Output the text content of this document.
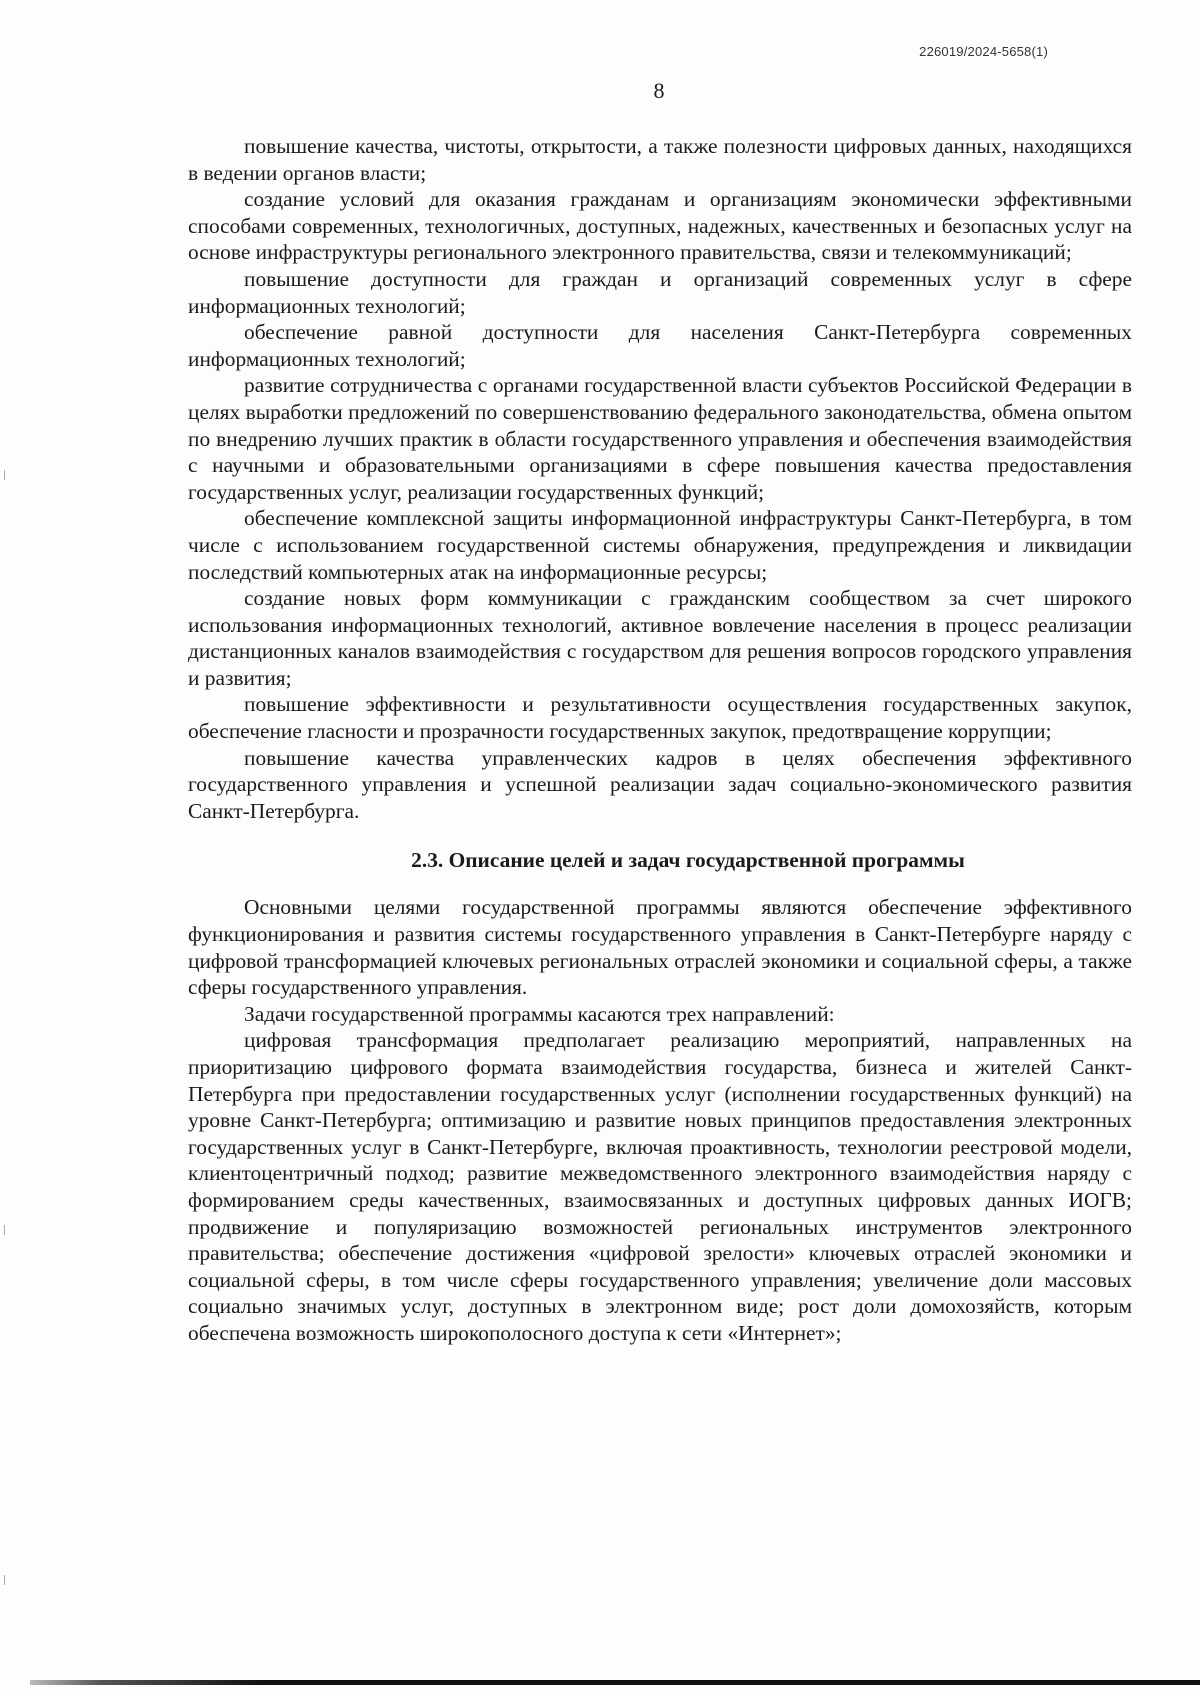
226019/2024-5658(1)
8

повышение качества, чистоты, открытости, а также полезности цифровых данных, находящихся в ведении органов власти;

создание условий для оказания гражданам и организациям экономически эффективными способами современных, технологичных, доступных, надежных, качественных и безопасных услуг на основе инфраструктуры регионального электронного правительства, связи и телекоммуникаций;

повышение доступности для граждан и организаций современных услуг в сфере информационных технологий;

обеспечение равной доступности для населения Санкт-Петербурга современных информационных технологий;

развитие сотрудничества с органами государственной власти субъектов Российской Федерации в целях выработки предложений по совершенствованию федерального законодательства, обмена опытом по внедрению лучших практик в области государственного управления и обеспечения взаимодействия с научными и образовательными организациями в сфере повышения качества предоставления государственных услуг, реализации государственных функций;

обеспечение комплексной защиты информационной инфраструктуры Санкт-Петербурга, в том числе с использованием государственной системы обнаружения, предупреждения и ликвидации последствий компьютерных атак на информационные ресурсы;

создание новых форм коммуникации с гражданским сообществом за счет широкого использования информационных технологий, активное вовлечение населения в процесс реализации дистанционных каналов взаимодействия с государством для решения вопросов городского управления и развития;

повышение эффективности и результативности осуществления государственных закупок, обеспечение гласности и прозрачности государственных закупок, предотвращение коррупции;

повышение качества управленческих кадров в целях обеспечения эффективного государственного управления и успешной реализации задач социально-экономического развития Санкт-Петербурга.

2.3. Описание целей и задач государственной программы

Основными целями государственной программы являются обеспечение эффективного функционирования и развития системы государственного управления в Санкт-Петербурге наряду с цифровой трансформацией ключевых региональных отраслей экономики и социальной сферы, а также сферы государственного управления.

Задачи государственной программы касаются трех направлений:

цифровая трансформация предполагает реализацию мероприятий, направленных на приоритизацию цифрового формата взаимодействия государства, бизнеса и жителей Санкт-Петербурга при предоставлении государственных услуг (исполнении государственных функций) на уровне Санкт-Петербурга; оптимизацию и развитие новых принципов предоставления электронных государственных услуг в Санкт-Петербурге, включая проактивность, технологии реестровой модели, клиентоцентричный подход; развитие межведомственного электронного взаимодействия наряду с формированием среды качественных, взаимосвязанных и доступных цифровых данных ИОГВ; продвижение и популяризацию возможностей региональных инструментов электронного правительства; обеспечение достижения «цифровой зрелости» ключевых отраслей экономики и социальной сферы, в том числе сферы государственного управления; увеличение доли массовых социально значимых услуг, доступных в электронном виде; рост доли домохозяйств, которым обеспечена возможность широкополосного доступа к сети «Интернет»;
